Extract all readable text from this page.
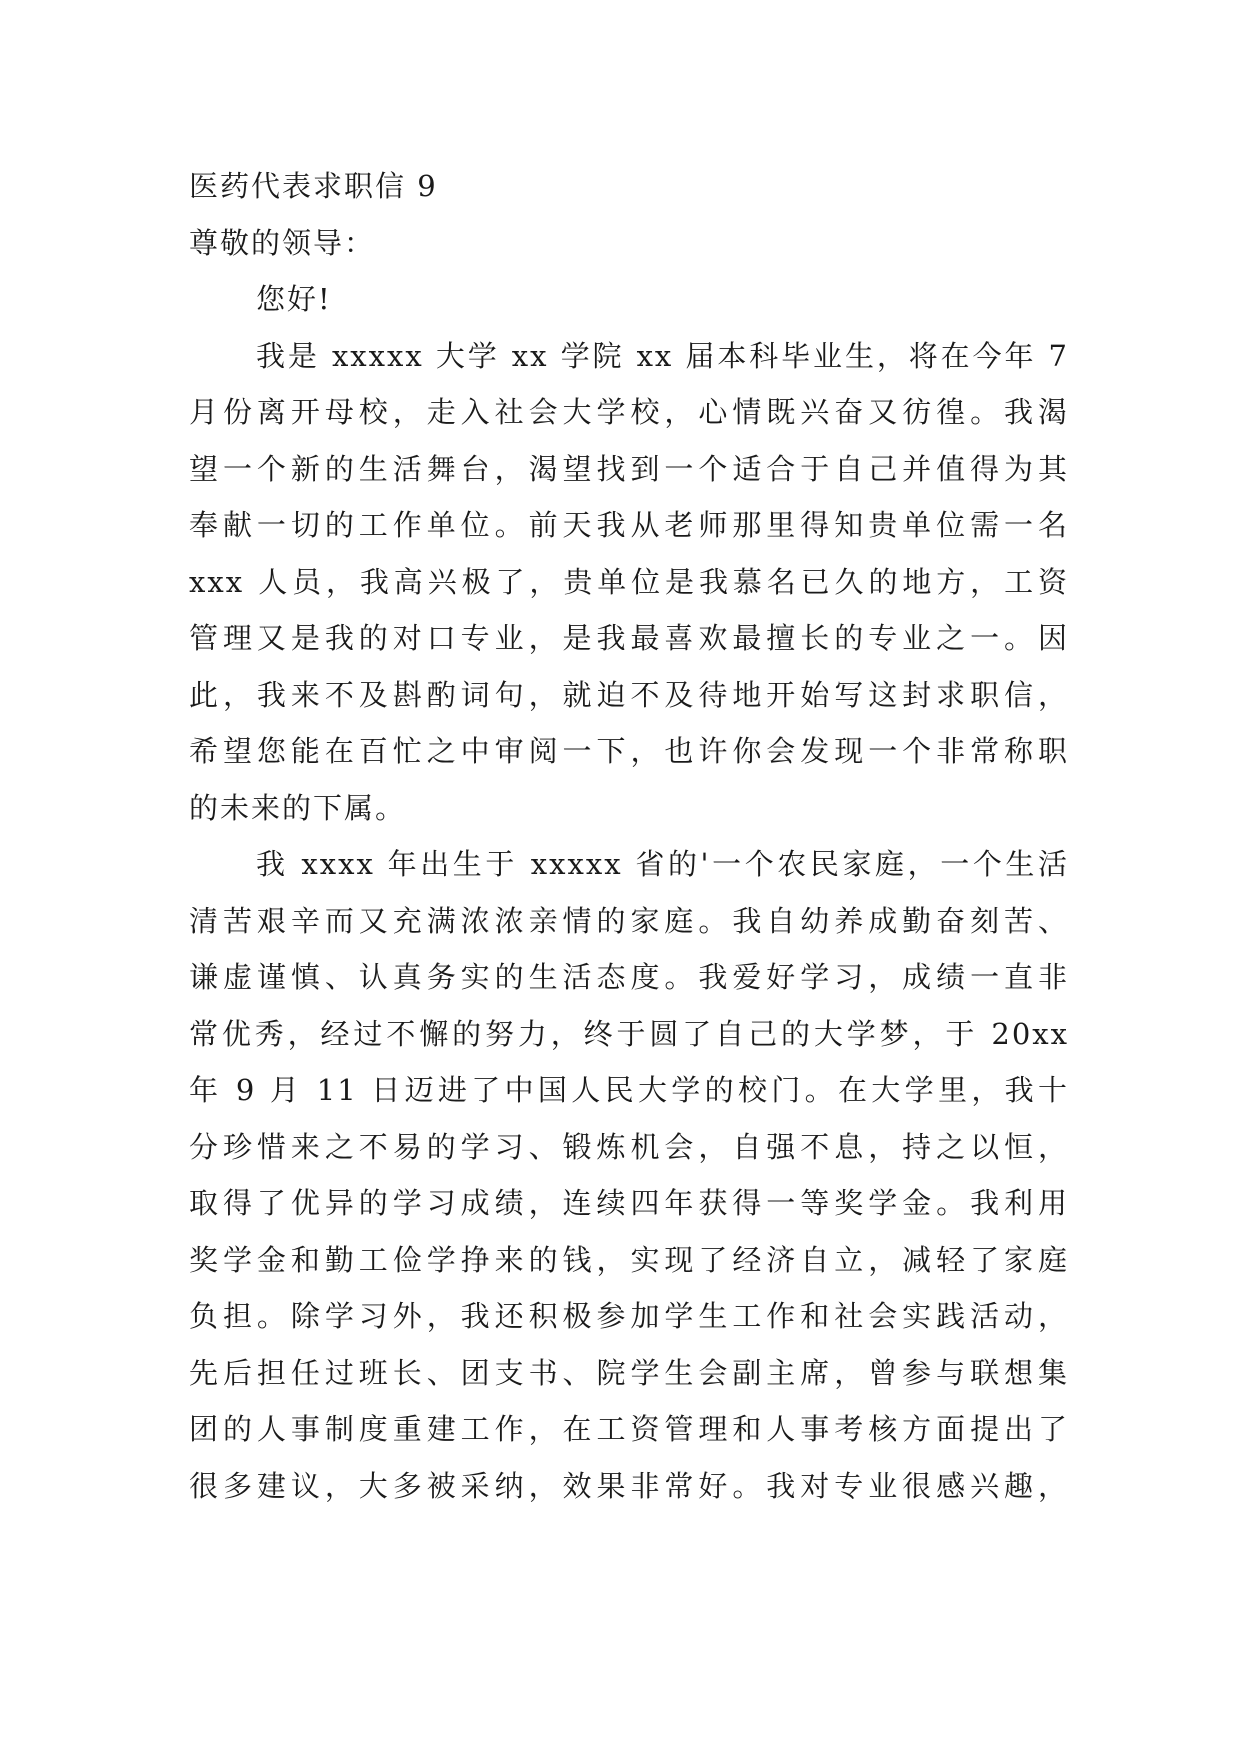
医药代表求职信 9
尊敬的领导：
您好!
我是 xxxxx 大学 xx 学院 xx 届本科毕业生，将在今年 7
月份离开母校，走入社会大学校，心情既兴奋又彷徨。我渴
望一个新的生活舞台，渴望找到一个适合于自己并值得为其
奉献一切的工作单位。前天我从老师那里得知贵单位需一名
xxx 人员，我高兴极了，贵单位是我慕名已久的地方，工资
管理又是我的对口专业，是我最喜欢最擅长的专业之一。因
此，我来不及斟酌词句，就迫不及待地开始写这封求职信，
希望您能在百忙之中审阅一下，也许你会发现一个非常称职
的未来的下属。
我 xxxx 年出生于 xxxxx 省的'一个农民家庭，一个生活
清苦艰辛而又充满浓浓亲情的家庭。我自幼养成勤奋刻苦、
谦虚谨慎、认真务实的生活态度。我爱好学习，成绩一直非
常优秀，经过不懈的努力，终于圆了自己的大学梦，于 20xx
年 9 月 11 日迈进了中国人民大学的校门。在大学里，我十
分珍惜来之不易的学习、锻炼机会，自强不息，持之以恒，
取得了优异的学习成绩，连续四年获得一等奖学金。我利用
奖学金和勤工俭学挣来的钱，实现了经济自立，减轻了家庭
负担。除学习外，我还积极参加学生工作和社会实践活动，
先后担任过班长、团支书、院学生会副主席，曾参与联想集
团的人事制度重建工作，在工资管理和人事考核方面提出了
很多建议，大多被采纳，效果非常好。我对专业很感兴趣，
